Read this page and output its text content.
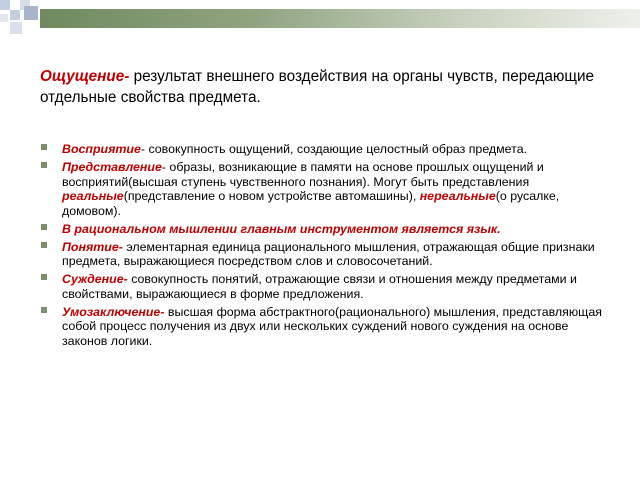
Ощущение- результат внешнего воздействия на органы чувств, передающие отдельные свойства предмета.
Восприятие- совокупность ощущений, создающие целостный образ предмета.
Представление- образы, возникающие в памяти на основе прошлых ощущений и восприятий(высшая ступень чувственного познания). Могут быть представления реальные(представление о новом устройстве автомашины), нереальные(о русалке, домовом).
В рациональном мышлении главным инструментом является язык.
Понятие- элементарная единица рационального мышления, отражающая общие признаки предмета, выражающиеся посредством слов и словосочетаний.
Суждение- совокупность понятий, отражающие связи и отношения между предметами и свойствами, выражающиеся в форме предложения.
Умозаключение- высшая форма абстрактного(рационального) мышления, представляющая собой процесс получения из двух или нескольких суждений нового суждения на основе законов логики.
